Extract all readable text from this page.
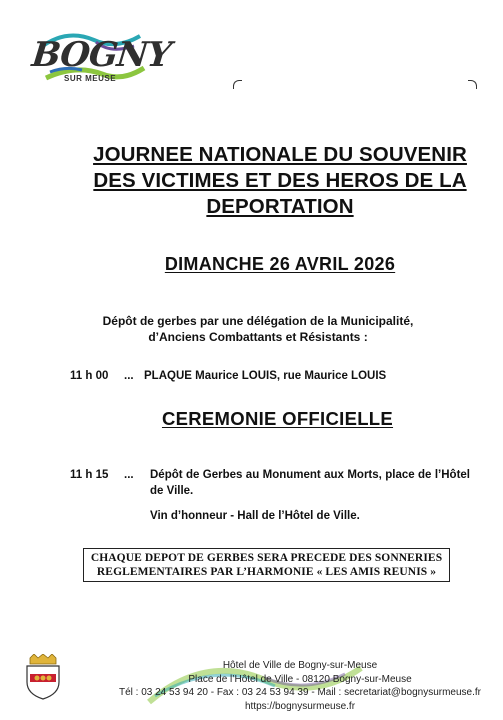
BOGNY
SUR MEUSE
JOURNEE NATIONALE DU SOUVENIR
DES VICTIMES ET DES HEROS DE LA
DEPORTATION
DIMANCHE 26 AVRIL 2026
Dépôt de gerbes par une délégation de la Municipalité,
d’Anciens Combattants et Résistants :
11 h 00 ... PLAQUE Maurice LOUIS, rue Maurice LOUIS
CEREMONIE OFFICIELLE
11 h 15 ... Dépôt de Gerbes au Monument aux Morts, place de l’Hôtel de Ville.
Vin d’honneur - Hall de l’Hôtel de Ville.
CHAQUE DEPOT DE GERBES SERA PRECEDE DES SONNERIES
REGLEMENTAIRES PAR L’HARMONIE « LES AMIS REUNIS »
Hôtel de Ville de Bogny-sur-Meuse
Place de l’Hôtel de Ville - 08120 Bogny-sur-Meuse
Tél : 03 24 53 94 20 - Fax : 03 24 53 94 39 - Mail : secretariat@bognysurmeuse.fr
https://bognysurmeuse.fr
